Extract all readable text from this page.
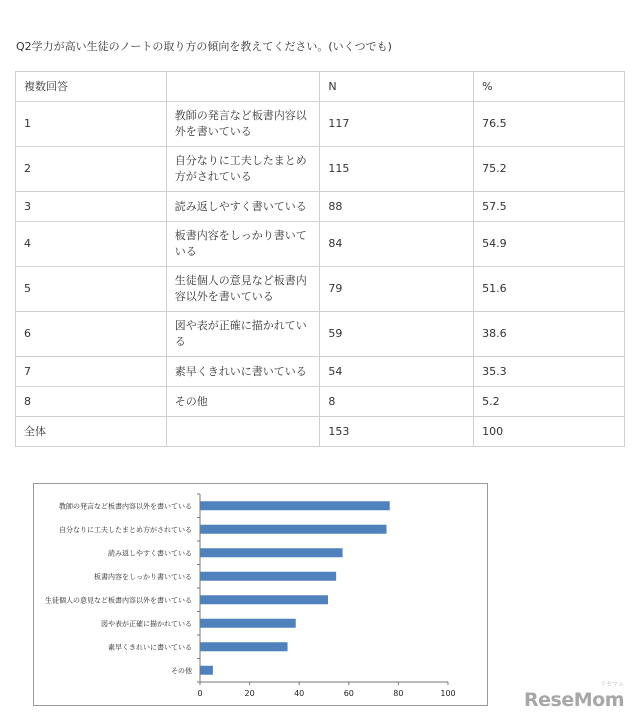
Q2学力が高い生徒のノートの取り方の傾向を教えてください。(いくつでも)
複数回答		N	%
1	教師の発言など板書内容以外を書いている	117	76.5
2	自分なりに工夫したまとめ方がされている	115	75.2
3	読み返しやすく書いている	88	57.5
4	板書内容をしっかり書いている	84	54.9
5	生徒個人の意見など板書内容以外を書いている	79	51.6
6	図や表が正確に描かれている	59	38.6
7	素早くきれいに書いている	54	35.3
8	その他	8	5.2
全体		153	100
教師の発言など板書内容以外を書いている
自分なりに工夫したまとめ方がされている
読み返しやすく書いている
板書内容をしっかり書いている
生徒個人の意見など板書内容以外を書いている
図や表が正確に描かれている
素早くきれいに書いている
その他
0	20	40	60	80	100
リセマム
ReseMom
